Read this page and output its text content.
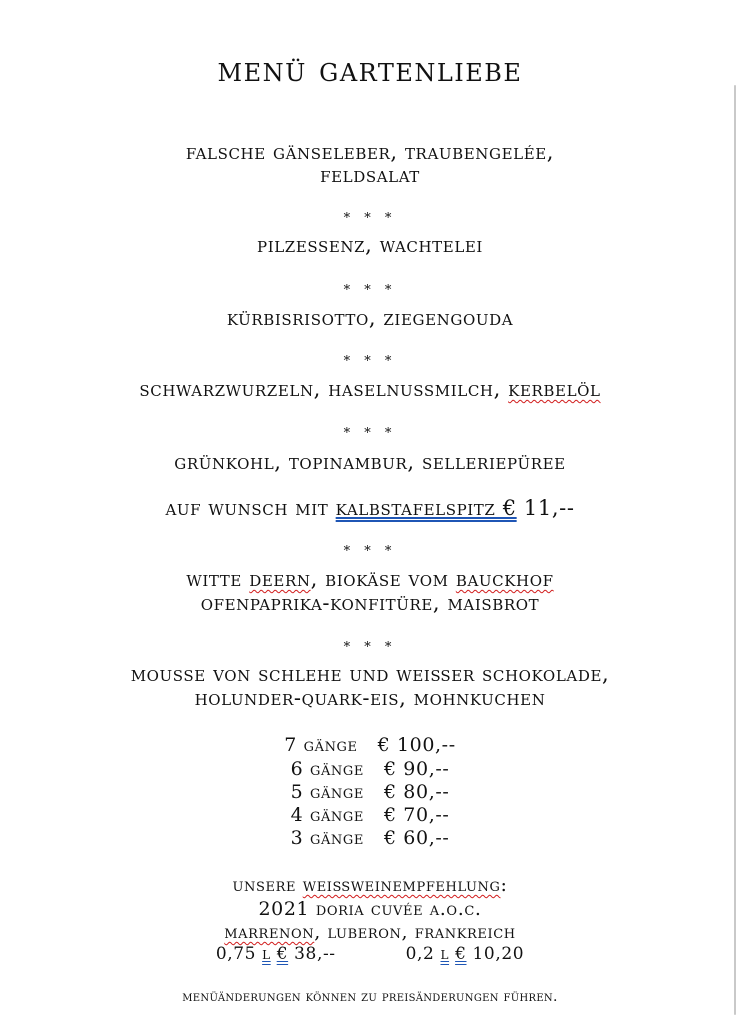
menü gartenliebe
falsche gänseleber, traubengelée,
feldsalat
* * *
pilzessenz, wachtelei
* * *
kürbisrisotto, ziegengouda
* * *
schwarzwurzeln, haselnussmilch, kerbelöl
* * *
grünkohl, topinambur, selleriepüree
auf wunsch mit kalbstafelspitz € 11,--
* * *
witte deern, biokäse vom bauckhof
ofenpaprika-konfitüre, maisbrot
* * *
mousse von schlehe und weißer schokolade,
holunder-quark-eis, mohnkuchen
7 gänge € 100,--
6 gänge € 90,--
5 gänge € 80,--
4 gänge € 70,--
3 gänge € 60,--
unsere weißweinempfehlung:
2021 doria cuvée a.o.c.
marrenon, luberon, frankreich
0,75 l € 38,--	0,2 l € 10,20
menüänderungen können zu preisänderungen führen.
